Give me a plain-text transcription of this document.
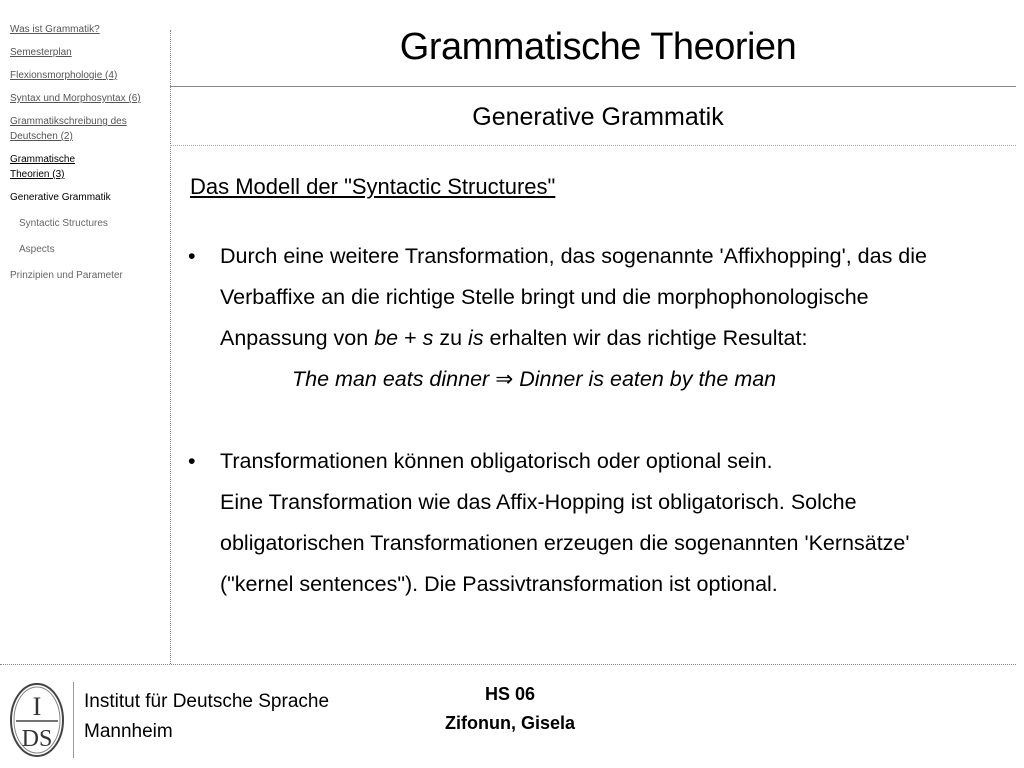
Was ist Grammatik?
Semesterplan
Flexionsmorphologie (4)
Syntax und Morphosyntax (6)
Grammatikschreibung des
Deutschen (2)
Grammatische
Theorien (3)
Generative Grammatik
Syntactic Structures
Aspects
Prinzipien und Parameter
Grammatische Theorien
Generative Grammatik
Das Modell der "Syntactic Structures"
•	Durch eine weitere Transformation, das sogenannte 'Affixhopping', das die
Verbaffixe an die richtige Stelle bringt und die morphophonologische
Anpassung von be + s zu is erhalten wir das richtige Resultat:
The man eats dinner ⇒ Dinner is eaten by the man
•	Transformationen können obligatorisch oder optional sein.
Eine Transformation wie das Affix-Hopping ist obligatorisch. Solche
obligatorischen Transformationen erzeugen die sogenannten 'Kernsätze'
("kernel sentences"). Die Passivtransformation ist optional.
I
DS
Institut für Deutsche Sprache
Mannheim
HS 06
Zifonun, Gisela
